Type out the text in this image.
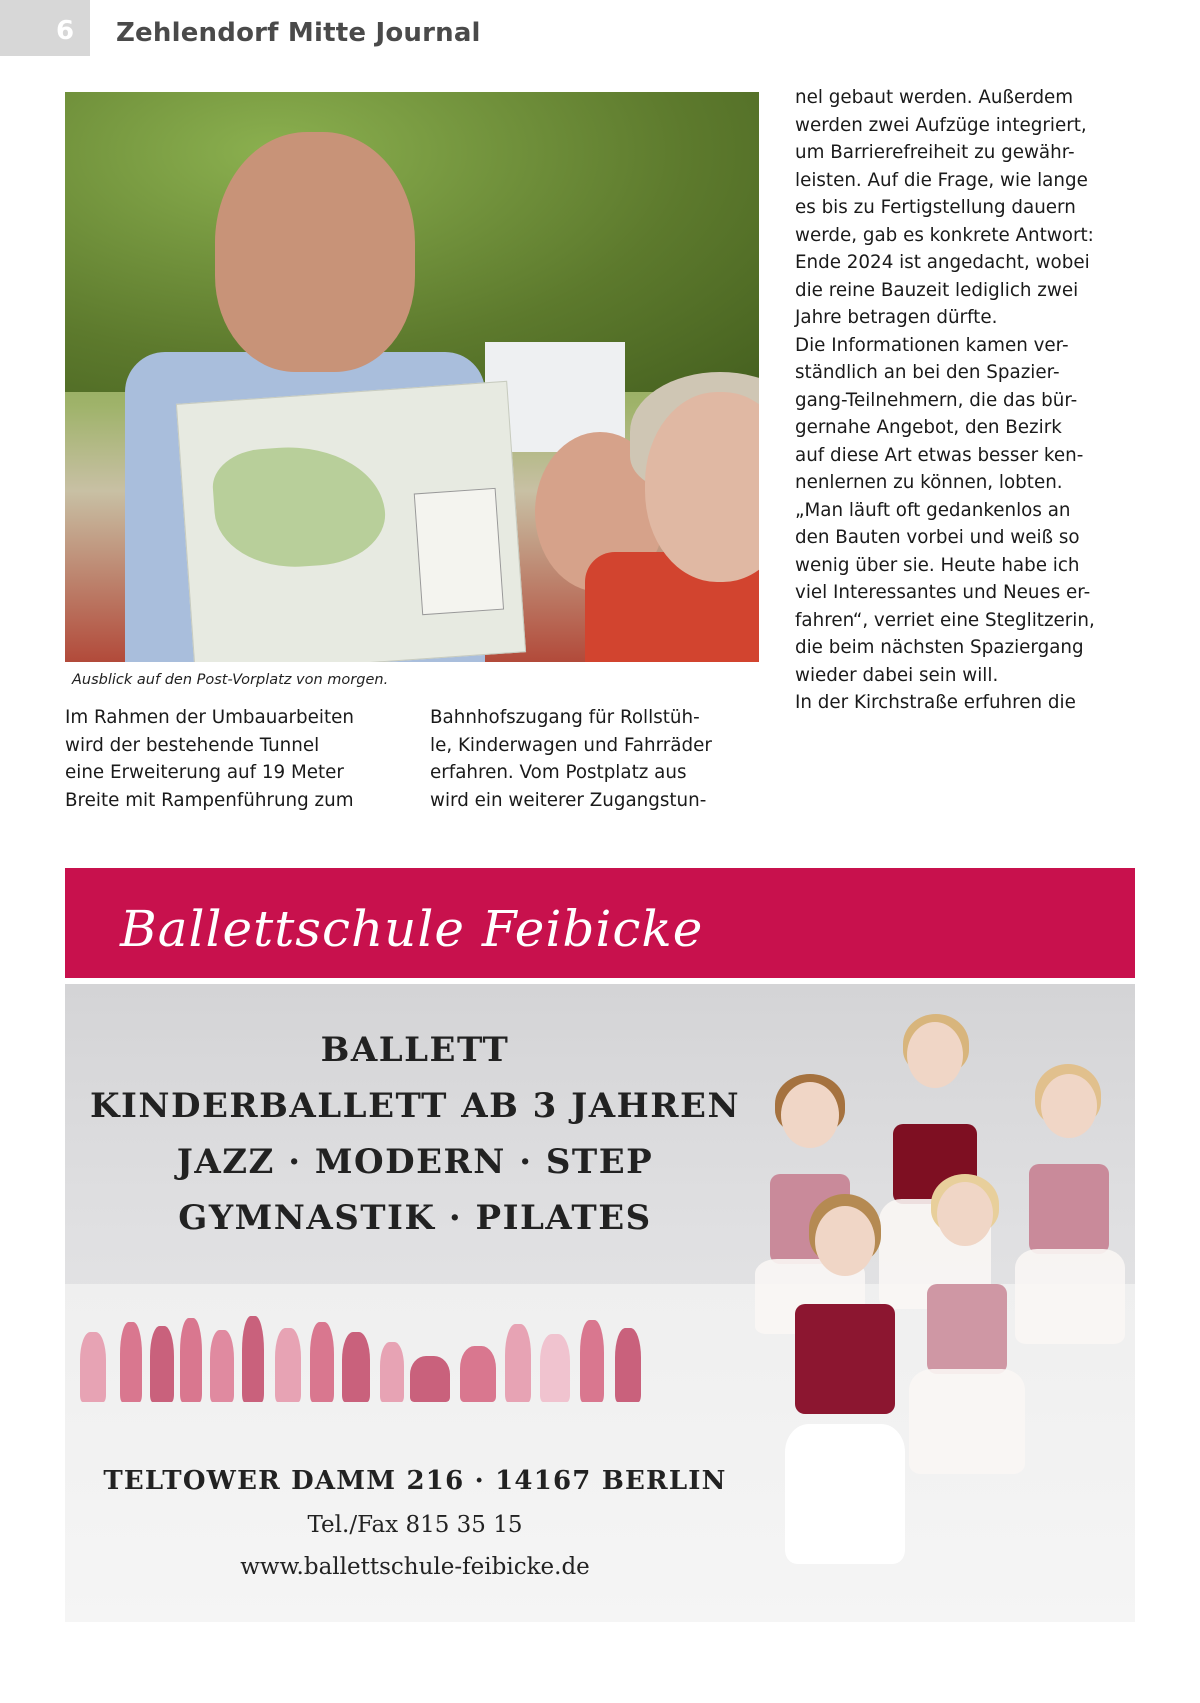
6 Zehlendorf Mitte Journal
Ausblick auf den Post-Vorplatz von morgen.

Im Rahmen der Umbauarbeiten

wird der bestehende Tunnel

eine Erweiterung auf 19 Meter

Breite mit Rampenführung zum

Bahnhofszugang für Rollstüh-

le, Kinderwagen und Fahrräder

erfahren. Vom Postplatz aus

wird ein weiterer Zugangstun-

nel gebaut werden. Außerdem

werden zwei Aufzüge integriert,

um Barrierefreiheit zu gewähr-

leisten. Auf die Frage, wie lange

es bis zu Fertigstellung dauern

werde, gab es konkrete Antwort:

Ende 2024 ist angedacht, wobei

die reine Bauzeit lediglich zwei

Jahre betragen dürfte.

Die Informationen kamen ver-

ständlich an bei den Spazier-

gang-Teilnehmern, die das bür-

gernahe Angebot, den Bezirk

auf diese Art etwas besser ken-

nenlernen zu können, lobten.

„Man läuft oft gedankenlos an

den Bauten vorbei und weiß so

wenig über sie. Heute habe ich

viel Interessantes und Neues er-

fahren“, verriet eine Steglitzerin,

die beim nächsten Spaziergang

wieder dabei sein will.

In der Kirchstraße erfuhren die

Ballettschule Feibicke
BALLETT
KINDERBALLETT AB 3 JAHREN
JAZZ · MODERN · STEP
GYMNASTIK · PILATES
TELTOWER DAMM 216 · 14167 BERLIN
Tel./Fax 815 35 15
www.ballettschule-feibicke.de
